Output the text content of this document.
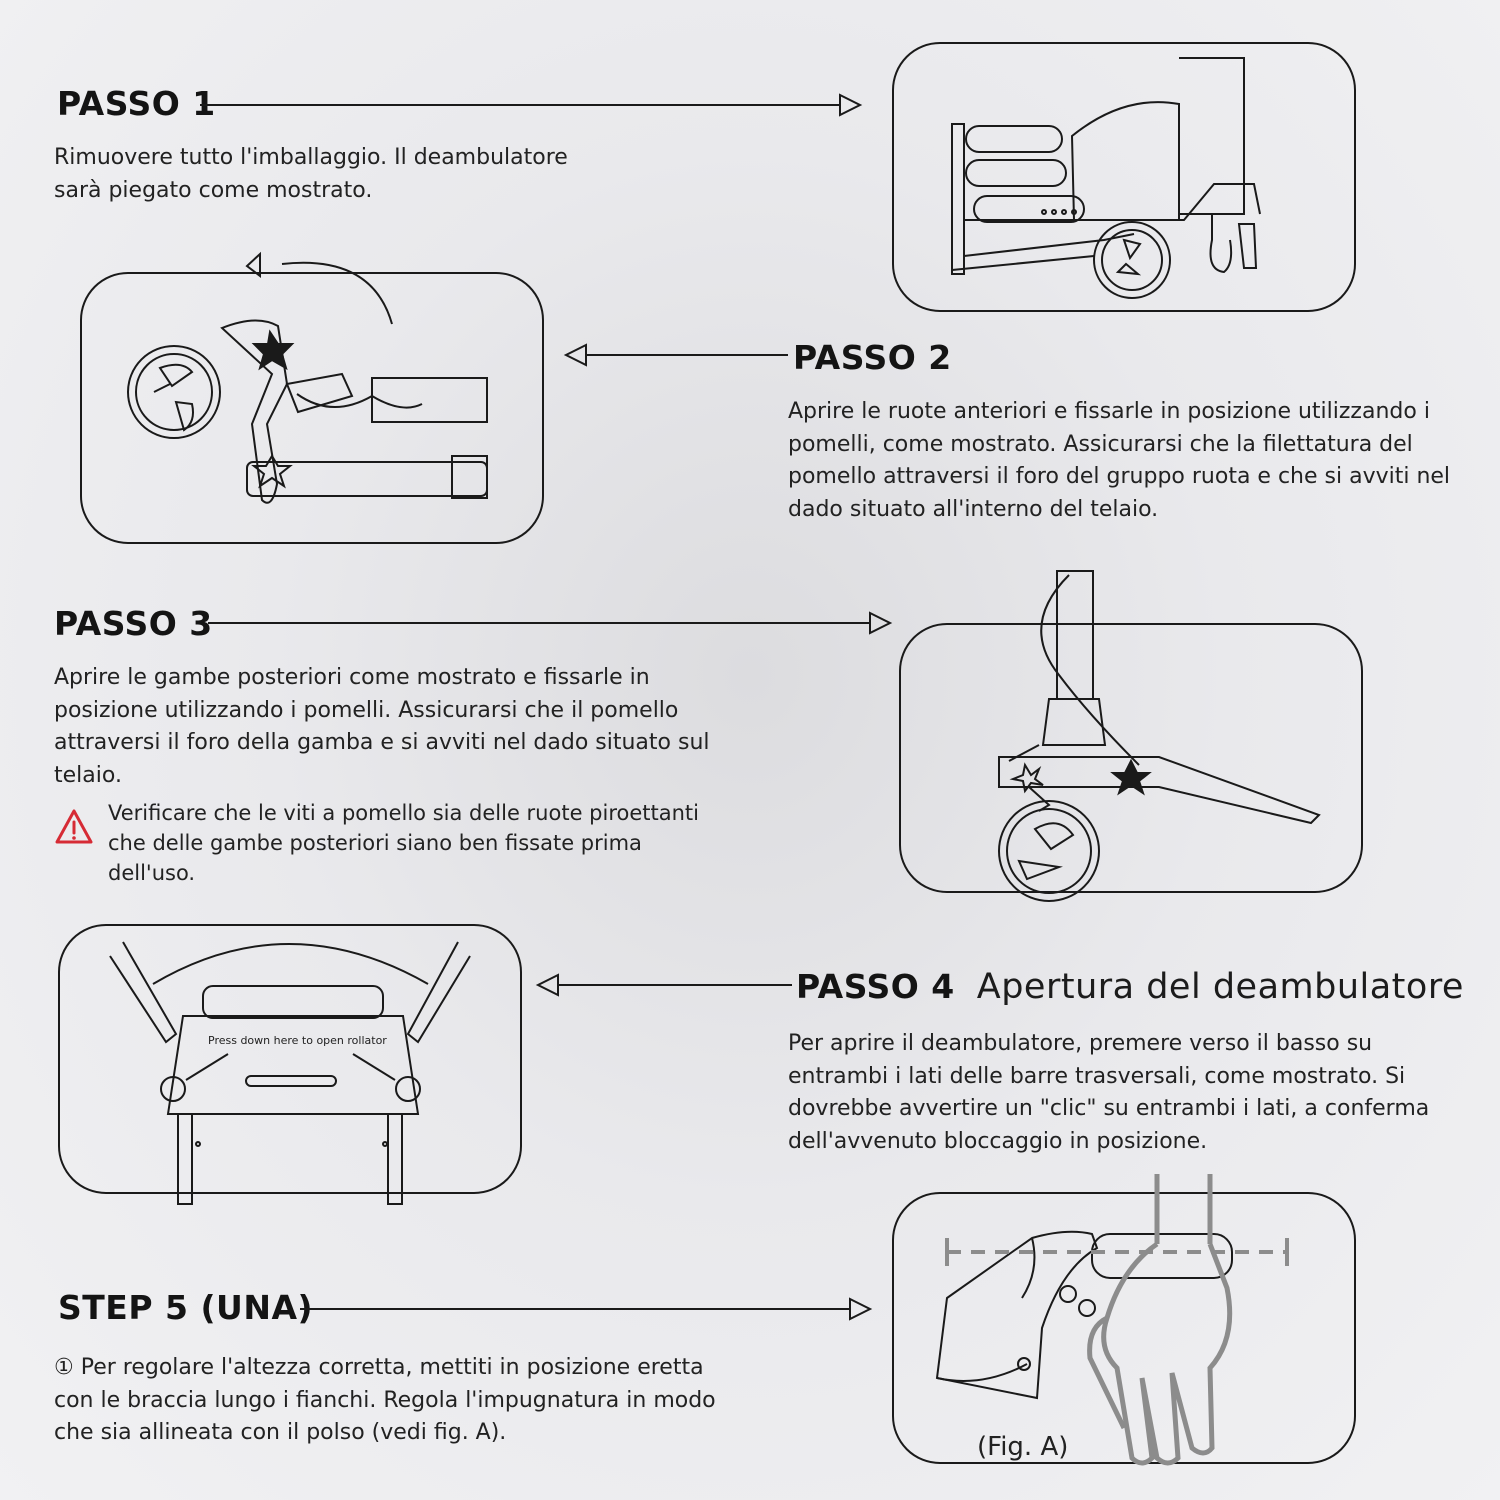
PASSO 1

Rimuovere tutto l'imballaggio. Il deambulatore sarà piegato come mostrato.

PASSO 2

Aprire le ruote anteriori e fissarle in posizione utilizzando i pomelli, come mostrato. Assicurarsi che la filettatura del pomello attraversi il foro del gruppo ruota e che si avviti nel dado situato all'interno del telaio.

PASSO 3

Aprire le gambe posteriori come mostrato e fissarle in posizione utilizzando i pomelli. Assicurarsi che il pomello attraversi il foro della gamba e si avviti nel dado situato sul telaio.

Verificare che le viti a pomello sia delle ruote piroettanti che delle gambe posteriori siano ben fissate prima dell'uso.

Press down here to open rollator
PASSO 4 Apertura del deambulatore

Per aprire il deambulatore, premere verso il basso su entrambi i lati delle barre trasversali, come mostrato. Si dovrebbe avvertire un "clic" su entrambi i lati, a conferma dell'avvenuto bloccaggio in posizione.

STEP 5 (UNA)

① Per regolare l'altezza corretta, mettiti in posizione eretta con le braccia lungo i fianchi. Regola l'impugnatura in modo che sia allineata con il polso (vedi fig. A).	(Fig. A)
